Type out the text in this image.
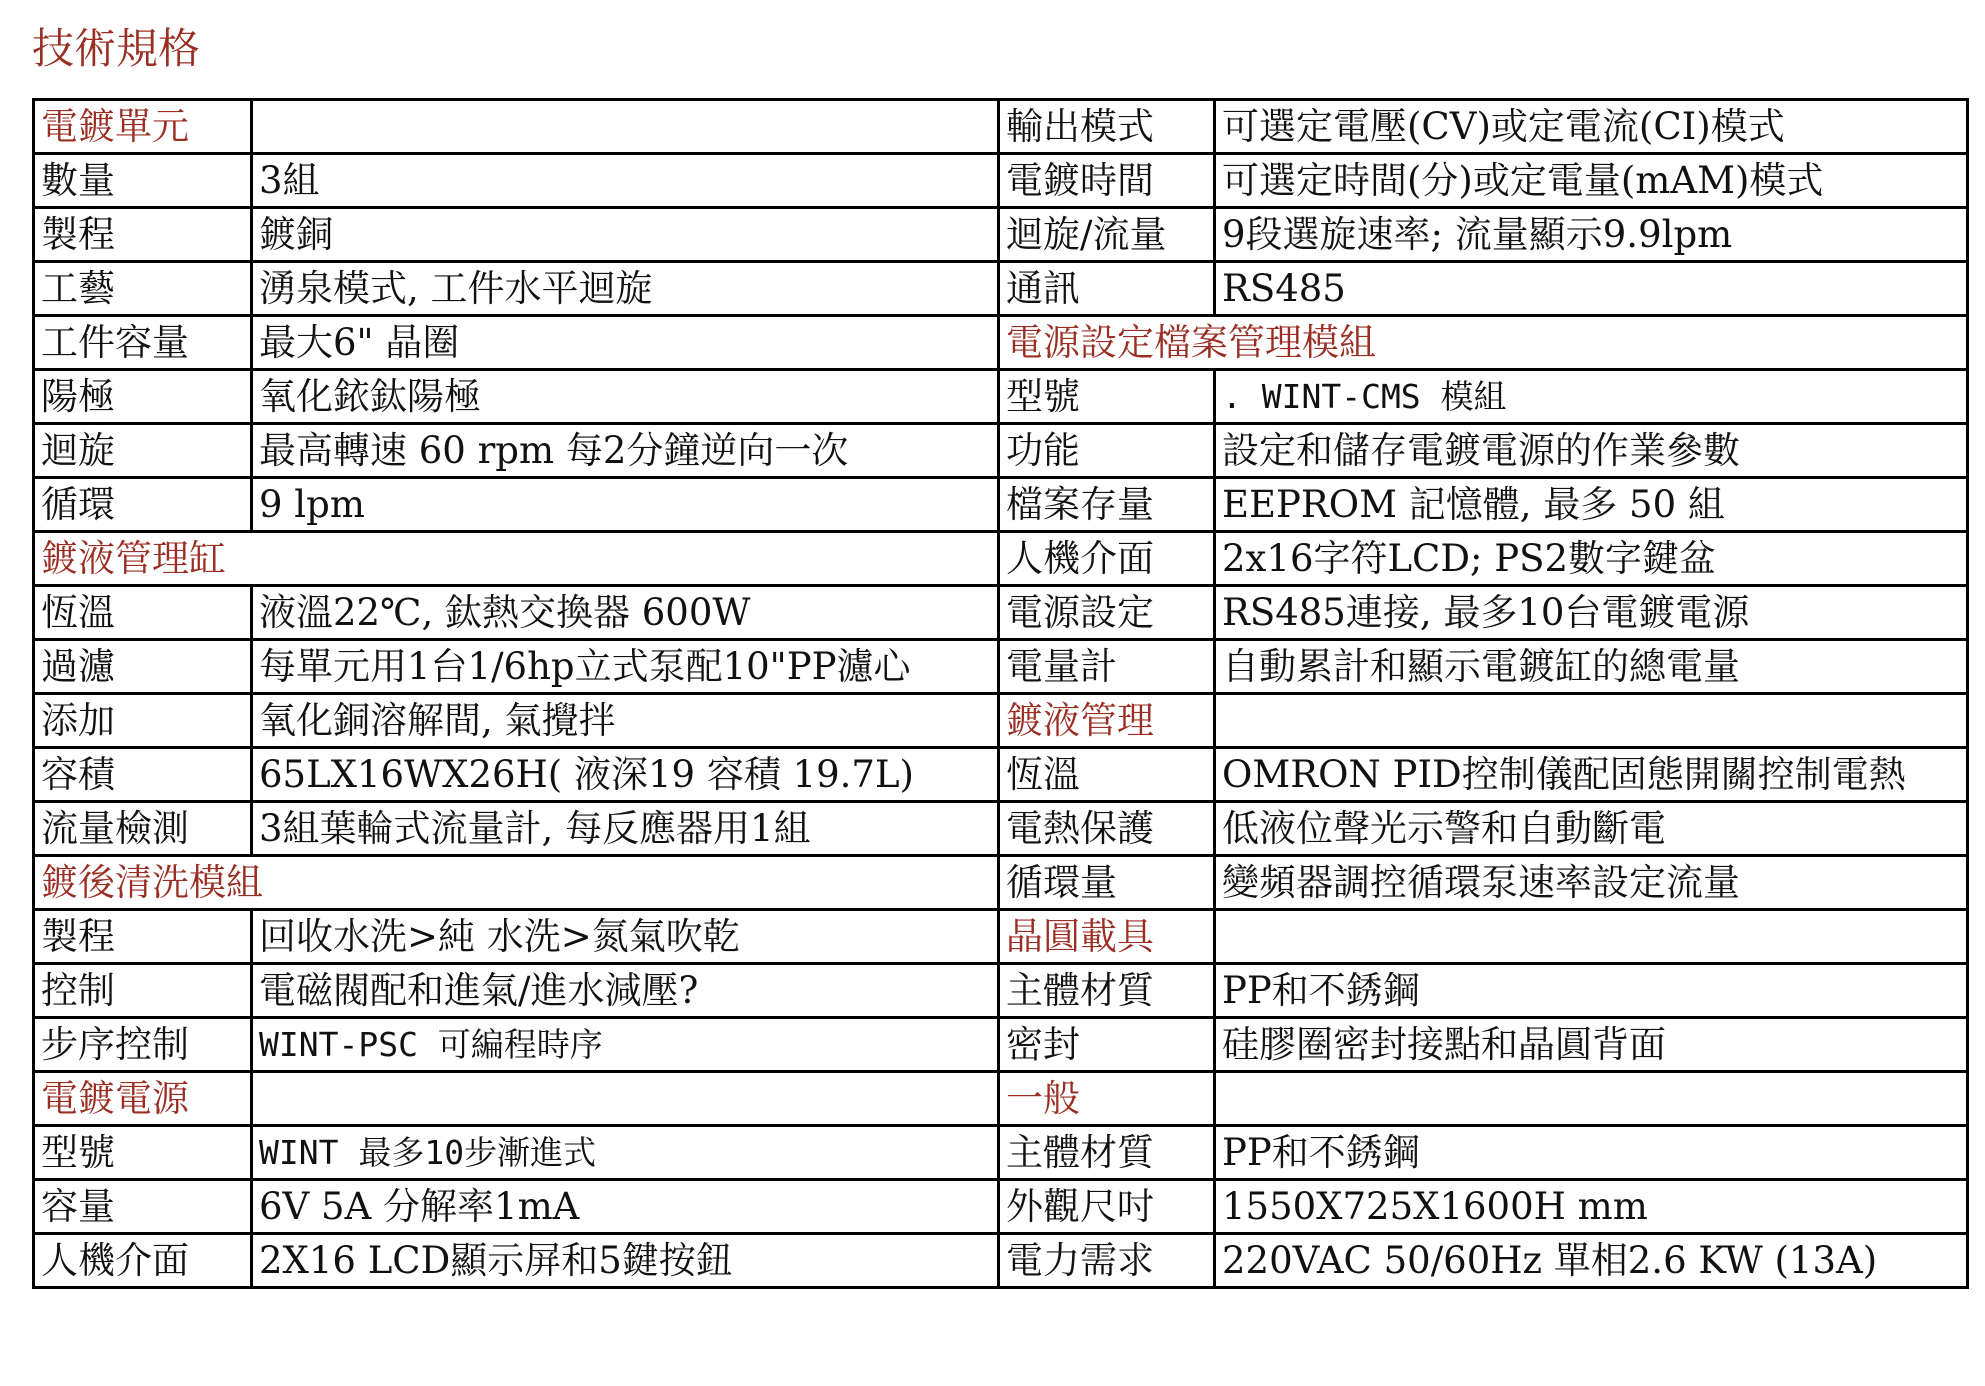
技術規格
電鍍單元		輸出模式	可選定電壓(CV)或定電流(CI)模式
數量	3組	電鍍時間	可選定時間(分)或定電量(mAM)模式
製程	鍍銅	迴旋/流量	9段選旋速率; 流量顯示9.9lpm
工藝	湧泉模式, 工件水平迴旋	通訊	RS485
工件容量	最大6" 晶圈	電源設定檔案管理模組	
陽極	氧化銥鈦陽極	型號	. WINT-CMS 模組
迴旋	最高轉速 60 rpm 每2分鐘逆向一次	功能	設定和儲存電鍍電源的作業參數
循環	9 lpm	檔案存量	EEPROM 記憶體, 最多 50 組
鍍液管理缸		人機介面	2x16字符LCD; PS2數字鍵盆
恆溫	液溫22℃, 鈦熱交換器 600W	電源設定	RS485連接, 最多10台電鍍電源
過濾	每單元用1台1/6hp立式泵配10"PP濾心	電量計	自動累計和顯示電鍍缸的總電量
添加	氧化銅溶解間, 氣攪拌	鍍液管理	
容積	65LX16WX26H( 液深19 容積 19.7L)	恆溫	OMRON PID控制儀配固態開關控制電熱
流量檢測	3組葉輪式流量計, 每反應器用1組	電熱保護	低液位聲光示警和自動斷電
鍍後清洗模組		循環量	變頻器調控循環泵速率設定流量
製程	回收水洗>純 水洗>氮氣吹乾	晶圓載具	
控制	電磁閥配和進氣/進水減壓?	主體材質	PP和不銹鋼
步序控制	WINT-PSC 可編程時序	密封	硅膠圈密封接點和晶圓背面
電鍍電源		一般	
型號	WINT 最多10步漸進式	主體材質	PP和不銹鋼
容量	6V 5A 分解率1mA	外觀尺吋	1550X725X1600H mm
人機介面	2X16 LCD顯示屏和5鍵按鈕	電力需求	220VAC 50/60Hz 單相2.6 KW (13A)
